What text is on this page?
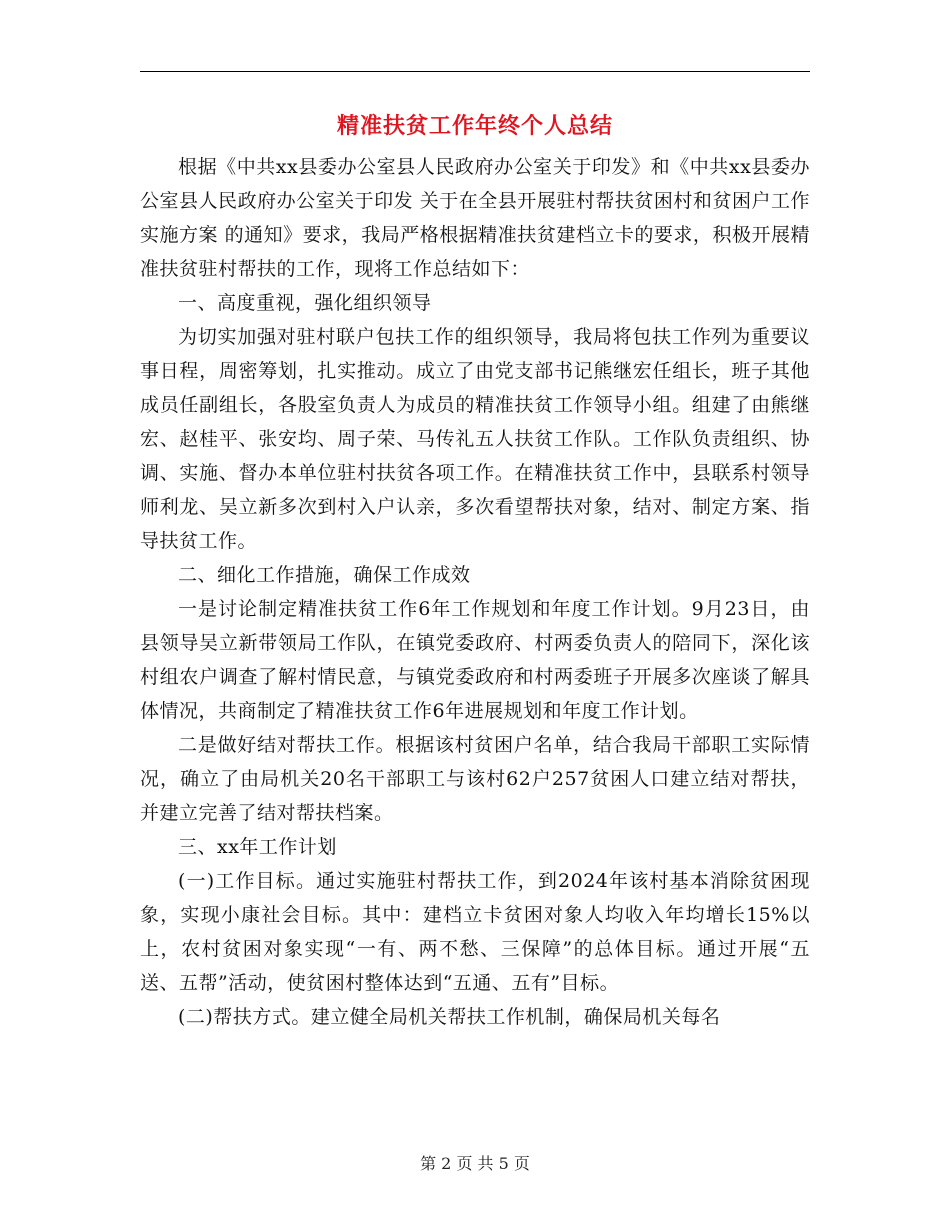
精准扶贫工作年终个人总结

根据《中共xx县委办公室县人民政府办公室关于印发》和《中共xx县委办公室县人民政府办公室关于印发 关于在全县开展驻村帮扶贫困村和贫困户工作实施方案 的通知》要求，我局严格根据精准扶贫建档立卡的要求，积极开展精准扶贫驻村帮扶的工作，现将工作总结如下：

一、高度重视，强化组织领导

为切实加强对驻村联户包扶工作的组织领导，我局将包扶工作列为重要议事日程，周密筹划，扎实推动。成立了由党支部书记熊继宏任组长，班子其他成员任副组长，各股室负责人为成员的精准扶贫工作领导小组。组建了由熊继宏、赵桂平、张安均、周子荣、马传礼五人扶贫工作队。工作队负责组织、协调、实施、督办本单位驻村扶贫各项工作。在精准扶贫工作中，县联系村领导师利龙、吴立新多次到村入户认亲，多次看望帮扶对象，结对、制定方案、指导扶贫工作。

二、细化工作措施，确保工作成效

一是讨论制定精准扶贫工作6年工作规划和年度工作计划。9月23日，由县领导吴立新带领局工作队，在镇党委政府、村两委负责人的陪同下，深化该村组农户调查了解村情民意，与镇党委政府和村两委班子开展多次座谈了解具体情况，共商制定了精准扶贫工作6年进展规划和年度工作计划。

二是做好结对帮扶工作。根据该村贫困户名单，结合我局干部职工实际情况，确立了由局机关20名干部职工与该村62户257贫困人口建立结对帮扶，并建立完善了结对帮扶档案。

三、xx年工作计划

(一)工作目标。通过实施驻村帮扶工作，到2024年该村基本消除贫困现象，实现小康社会目标。其中：建档立卡贫困对象人均收入年均增长15%以上，农村贫困对象实现“一有、两不愁、三保障”的总体目标。通过开展“五送、五帮”活动，使贫困村整体达到“五通、五有”目标。

(二)帮扶方式。建立健全局机关帮扶工作机制，确保局机关每名

第 2 页 共 5 页
